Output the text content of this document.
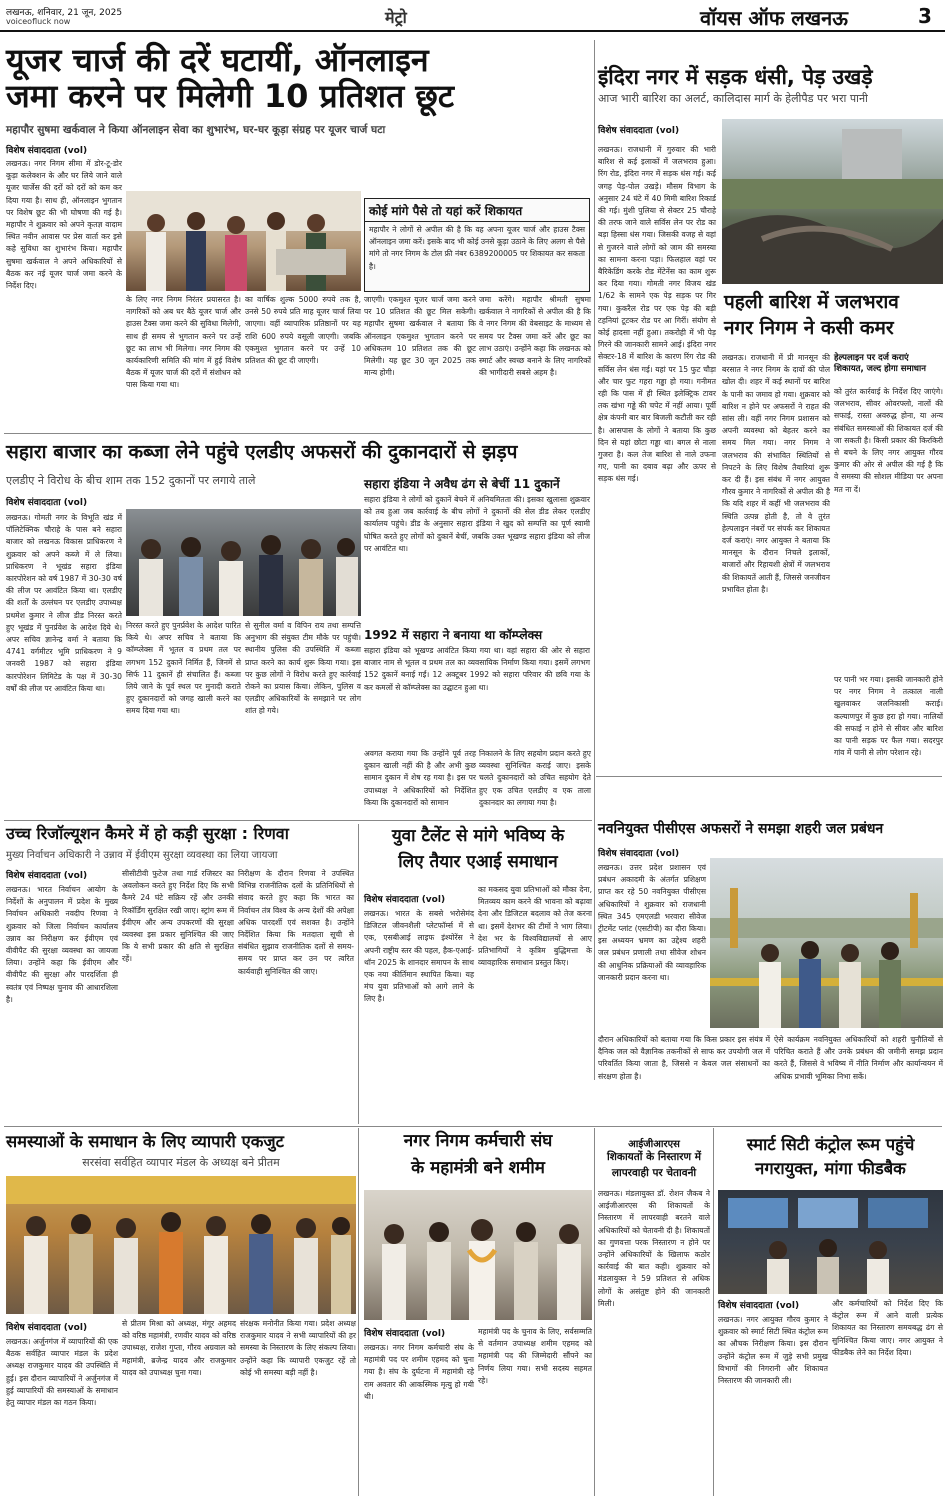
लखनऊ, शनिवार, 21 जून, 2025
voiceofluck now	मेट्रो	वॉयस ऑफ लखनऊ	3
यूजर चार्ज की दरें घटायीं, ऑनलाइन
जमा करने पर मिलेगी 10 प्रतिशत छूट
महापौर सुषमा खर्कवाल ने किया ऑनलाइन सेवा का शुभारंभ, घर-घर कूड़ा संग्रह पर यूजर चार्ज घटा
विशेष संवाददाता (vol)
लखनऊ। नगर निगम सीमा में डोर-टू-डोर कूड़ा कलेक्शन के और घर लिये जाने वाले यूजर चार्जेस की दरों को दरों को कम कर दिया गया है। साथ ही, ऑनलाइन भुगतान पर विशेष छूट की भी घोषणा की गई है। महापौर ने शुक्रवार को अपने कृतज्ञ वादाम स्थित नवीन आवास पर प्रेस वार्ता कर इसे कहे सुविधा का शुभारंभ किया। महापौर सुषमा खर्कवाल ने अपने अधिकारियों से बैठक कर नई यूजर चार्ज जमा करने के निर्देश दिए।
के लिए नगर निगम निरंतर प्रयासरत है। नागरिकों को अब घर बैठे यूजर चार्ज और हाउस टैक्स जमा करने की सुविधा मिलेगी, साथ ही समय से भुगतान करने पर उन्हें छूट का लाभ भी मिलेगा। नगर निगम की कार्यकारिणी समिति की मांग में हुई विशेष बैठक में यूजर चार्ज की दरों में संशोधन को पास किया गया था।
का वार्षिक शुल्क 5000 रुपये तक है, उनसे 50 रुपये प्रति माह यूजर चार्ज लिया जाएगा। वहीं व्यापारिक प्रतिष्ठानों पर यह राशि 600 रुपये वसूली जाएगी। जबकि एकमुश्त भुगतान करने पर उन्हें 10 प्रतिशत की छूट दी जाएगी।
कोई मांगे पैसे तो यहां करें शिकायत
महापौर ने लोगों से अपील की है कि वह अपना यूजर चार्ज और हाउस टैक्स ऑनलाइन जमा करें। इसके बाद भी कोई उनसे कूड़ा उठाने के लिए अलग से पैसे मांगे तो नगर निगम के टोल फ्री नंबर 6389200005 पर शिकायत कर सकता है।
जाएगी। एकमुश्त यूजर चार्ज जमा करने पर 10 प्रतिशत की छूट मिल सकेगी। महापौर सुषमा खर्कवाल ने बताया कि ऑनलाइन एकमुश्त भुगतान करने पर अधिकतम 10 प्रतिशत तक की छूट मिलेगी। यह छूट 30 जून 2025 तक मान्य होगी।
जमा करेंगे। महापौर श्रीमती सुषमा खर्कवाल ने नागरिकों से अपील की है कि वे नगर निगम की वेबसाइट के माध्यम से समय पर टैक्स जमा करें और छूट का लाभ उठाएं। उन्होंने कहा कि लखनऊ को स्मार्ट और स्वच्छ बनाने के लिए नागरिकों की भागीदारी सबसे अहम है।
इंदिरा नगर में सड़क धंसी, पेड़ उखड़े
आज भारी बारिश का अलर्ट, कालिदास मार्ग के हेलीपैड पर भरा पानी
विशेष संवाददाता (vol)
लखनऊ। राजधानी में गुरुवार की भारी बारिश से कई इलाकों में जलभराव हुआ। रिंग रोड, इंदिरा नगर में सड़क धंस गई। कई जगह पेड़-पोल उखड़े। मौसम विभाग के अनुसार 24 घंटे में 40 मिमी बारिश रिकार्ड की गई। मुंशी पुलिया से सेक्टर 25 चौराहे की तरफ जाने वाले सर्विस लेन पर रोड का बड़ा हिस्सा धंस गया। जिसकी वजह से वहां से गुजरने वाले लोगों को जाम की समस्या का सामना करना पड़ा। फिलहाल वहां पर बैरिकेडिंग करके रोड मेंटेनेंस का काम शुरू कर दिया गया। गोमती नगर विजय खंड 1/62 के सामने एक पेड़ सड़क पर गिर गया। कुकरैल रोड पर एक पेड़ की बड़ी टहनियां टूटकर रोड पर आ गिरीं। संयोग से कोई हादसा नहीं हुआ। तकरोही में भी पेड़ गिरने की जानकारी सामने आई। इंदिरा नगर सेक्टर-18 में बारिश के कारण रिंग रोड की सर्विस लेन धंस गई। यहां पर 15 फुट चौड़ा और चार फुट गहरा गड्ढा हो गया। गनीमत रही कि पास में ही स्थित इलेक्ट्रिक टावर तक खंभा गड्ढे की चपेट में नहीं आया। पूर्वी क्षेत्र कंपनी बार बार बिजली कटौती कर रही है। आसपास के लोगों ने बताया कि कुछ दिन से यहां छोटा गड्ढा था। बगल से नाला गुजरा है। कल तेज बारिश से नाले उफना गए, पानी का दबाव बढ़ा और ऊपर से सड़क धंस गई।
पहली बारिश में जलभराव
नगर निगम ने कसी कमर
लखनऊ। राजधानी में प्री मानसून की बरसात ने नगर निगम के दावों की पोल खोल दी। शहर में कई स्थानों पर बारिश के पानी का जमाव हो गया। शुक्रवार को बारिश न होने पर अफसरों ने राहत की सांस ली। वहीं नगर निगम प्रशासन को अपनी व्यवस्था को बेहतर करने का समय मिल गया। नगर निगम ने जलभराव की संभावित स्थितियों से निपटने के लिए विशेष तैयारियां शुरू कर दी हैं। इस संबंध में नगर आयुक्त गौरव कुमार ने नागरिकों से अपील की है कि यदि शहर में कहीं भी जलभराव की स्थिति उत्पन्न होती है, तो वे तुरंत हेल्पलाइन नंबरों पर संपर्क कर शिकायत दर्ज कराएं। नगर आयुक्त ने बताया कि मानसून के दौरान निचले इलाकों, बाजारों और रिहायशी क्षेत्रों में जलभराव की शिकायतें आती हैं, जिससे जनजीवन प्रभावित होता है।
हेल्पलाइन पर दर्ज कराएं
शिकायत, जल्द होगा समाधान
को तुरंत कार्रवाई के निर्देश दिए जाएंगे। जलभराव, सीवर ओवरफ्लो, नालों की सफाई, रास्ता अवरुद्ध होना, या अन्य संबंधित समस्याओं की शिकायत दर्ज की जा सकती है। किसी प्रकार की किरकिरी से बचने के लिए नगर आयुक्त गौरव कुमार की ओर से अपील की गई है कि वे समस्या की सोशल मीडिया पर अपना मत ना दें।
पर पानी भर गया। इसकी जानकारी होने पर नगर निगम ने तत्काल नाली खुलवाकर जलनिकासी कराई। कल्याणपुर में कुछ हरा हो गया। नालियों की सफाई न होने से सीवर और बारिश का पानी सड़क पर फैल गया। सदरपुर गांव में पानी से लोग परेशान रहे।
सहारा बाजार का कब्जा लेने पहुंचे एलडीए अफसरों की दुकानदारों से झड़प
एलडीए ने विरोध के बीच शाम तक 152 दुकानों पर लगाये ताले
विशेष संवाददाता (vol)
लखनऊ। गोमती नगर के विभूति खंड में पॉलिटेक्निक चौराहे के पास बने सहारा बाजार को लखनऊ विकास प्राधिकरण ने शुक्रवार को अपने कब्जे में ले लिया। प्राधिकरण ने भूखंड सहारा इंडिया कारपोरेशन को वर्ष 1987 में 30-30 वर्ष की लीज पर आवंटित किया था। एलडीए की शर्तों के उल्लंघन पर एलडीए उपाध्यक्ष प्रथमेश कुमार ने लीज डीड निरस्त करते हुए भूखंड में पुनर्प्रवेश के आदेश दिये थे। अपर सचिव ज्ञानेन्द्र वर्मा ने बताया कि 4741 वर्गमीटर भूमि प्राधिकरण ने 9 जनवरी 1987 को सहारा इंडिया कारपोरेशन लिमिटेड के पक्ष में 30-30 वर्षों की लीज पर आवंटित किया था।
निरस्त करते हुए पुनर्प्रवेश के आदेश पारित किये थे। अपर सचिव ने बताया कि कॉम्प्लेक्स में भूतल व प्रथम तल पर लगभग 152 दुकानें निर्मित हैं, जिनमें से सिर्फ 11 दुकानें ही संचालित हैं। कब्जा लिये जाने के पूर्व स्थल पर मुनादी कराते हुए दुकानदारों को जगह खाली करने का समय दिया गया था।
से सुनील वर्मा व विपिन राय तथा सम्पत्ति अनुभाग की संयुक्त टीम मौके पर पहुंची। स्थानीय पुलिस की उपस्थिति में कब्जा प्राप्त करने का कार्य शुरू किया गया। इस पर कुछ लोगों ने विरोध करते हुए कार्रवाई रोकने का प्रयास किया। लेकिन, पुलिस व एलडीए अधिकारियों के समझाने पर लोग शांत हो गये।
सहारा इंडिया ने अवैध ढंग से बेचीं 11 दुकानें
सहारा इंडिया ने लोगों को दुकानें बेचने में अनियमितता की। इसका खुलासा शुक्रवार को तब हुआ जब कार्रवाई के बीच लोगों ने दुकानों की सेल डीड लेकर एलडीए कार्यालय पहुंचे। डीड के अनुसार सहारा इंडिया ने खुद को सम्पत्ति का पूर्ण स्वामी घोषित करते हुए लोगों को दुकानें बेचीं, जबकि उक्त भूखण्ड सहारा इंडिया को लीज पर आवंटित था।
1992 में सहारा ने बनाया था कॉम्प्लेक्स
सहारा इंडिया को भूखण्ड आवंटित किया गया था। वहां सहारा की ओर से सहारा बाजार नाम से भूतल व प्रथम तल का व्यवसायिक निर्माण किया गया। इसमें लगभग 152 दुकानें बनाई गईं। 12 अक्टूबर 1992 को सहारा परिवार की छवि गया के कर कमलों से कॉम्प्लेक्स का उद्घाटन हुआ था।
अवगत कराया गया कि उन्होंने पूर्व तरह दुकान खाली नहीं की है और अभी कुछ सामान दुकान में शेष रह गया है। इस पर उपाध्यक्ष ने अधिकारियों को निर्देशित किया कि दुकानदारों को सामान
निकालने के लिए सहयोग प्रदान करते हुए व्यवस्था सुनिश्चित कराई जाए। इसके चलते दुकानदारों को उचित सहयोग देते हुए एक उचित एलडीए व एक ताला दुकानदार का लगाया गया है।
उच्च रिजॉल्यूशन कैमरे में हो कड़ी सुरक्षा : रिणवा
मुख्य निर्वाचन अधिकारी ने उन्नाव में ईवीएम सुरक्षा व्यवस्था का लिया जायजा
विशेष संवाददाता (vol)
लखनऊ। भारत निर्वाचन आयोग के निर्देशों के अनुपालन में प्रदेश के मुख्य निर्वाचन अधिकारी नवदीप रिणवा ने शुक्रवार को जिला निर्वाचन कार्यालय उन्नाव का निरीक्षण कर ईवीएम एवं वीवीपैट की सुरक्षा व्यवस्था का जायजा लिया। उन्होंने कहा कि ईवीएम और वीवीपैट की सुरक्षा और पारदर्शिता ही स्वतंत्र एवं निष्पक्ष चुनाव की आधारशिला है।
सीसीटीवी फुटेज तथा गार्ड रजिस्टर का अवलोकन करते हुए निर्देश दिए कि सभी कैमरे 24 घंटे सक्रिय रहें और उनकी रिकॉर्डिंग सुरक्षित रखी जाए। स्ट्रांग रूम में ईवीएम और अन्य उपकरणों की सुरक्षा व्यवस्था इस प्रकार सुनिश्चित की जाए कि ये सभी प्रकार की क्षति से सुरक्षित रहें।
निरीक्षण के दौरान रिणवा ने उपस्थित विभिन्न राजनीतिक दलों के प्रतिनिधियों से संवाद करते हुए कहा कि भारत का निर्वाचन तंत्र विश्व के अन्य देशों की अपेक्षा अधिक पारदर्शी एवं सशक्त है। उन्होंने निर्देशित किया कि मतदाता सूची से संबंधित सुझाव राजनीतिक दलों से समय-समय पर प्राप्त कर उन पर त्वरित कार्यवाही सुनिश्चित की जाए।
युवा टैलेंट से मांगे भविष्य के
लिए तैयार एआई समाधान
विशेष संवाददाता (vol)
लखनऊ। भारत के सबसे भरोसेमंद डिजिटल जीवनशैली प्लेटफॉर्म्स में से एक, एसबीआई लाइफ इंश्योरेंस ने अपनी राष्ट्रीय स्तर की पहल, हैक-एआई-थॉन 2025 के शानदार समापन के साथ एक नया कीर्तिमान स्थापित किया। यह मंच युवा प्रतिभाओं को आगे लाने के लिए है।
का मकसद युवा प्रतिभाओं को मौका देना, मितव्यय काम करने की भावना को बढ़ावा देना और डिजिटल बदलाव को तेज करना था। इसमें देशभर की टीमों ने भाग लिया। देश भर के विश्वविद्यालयों से आए प्रतिभागियों ने कृत्रिम बुद्धिमत्ता के व्यावहारिक समाधान प्रस्तुत किए।
नवनियुक्त पीसीएस अफसरों ने समझा शहरी जल प्रबंधन
विशेष संवाददाता (vol)
लखनऊ। उत्तर प्रदेश प्रशासन एवं प्रबंधन अकादमी के अंतर्गत प्रशिक्षण प्राप्त कर रहे 50 नवनियुक्त पीसीएस अधिकारियों ने शुक्रवार को राजधानी स्थित 345 एमएलडी भरवारा सीवेज ट्रीटमेंट प्लांट (एसटीपी) का दौरा किया। इस अध्ययन भ्रमण का उद्देश्य शहरी जल प्रबंधन प्रणाली तथा सीवेज शोधन की आधुनिक प्रक्रियाओं की व्यावहारिक जानकारी प्रदान करना था।
दौरान अधिकारियों को बताया गया कि किस प्रकार इस संयंत्र में दैनिक जल को वैज्ञानिक तकनीकों से साफ कर उपयोगी जल में परिवर्तित किया जाता है, जिससे न केवल जल संसाधनों का संरक्षण होता है।
ऐसे कार्यक्रम नवनियुक्त अधिकारियों को शहरी चुनौतियों से परिचित कराते हैं और उनके प्रबंधन की जमीनी समझ प्रदान करते हैं, जिससे वे भविष्य में नीति निर्माण और कार्यान्वयन में अधिक प्रभावी भूमिका निभा सकें।
समस्याओं के समाधान के लिए व्यापारी एकजुट
सरसंवा सर्वहित व्यापार मंडल के अध्यक्ष बने प्रीतम
विशेष संवाददाता (vol)
लखनऊ। अर्जुनगंज में व्यापारियों की एक बैठक सर्वहित व्यापार मंडल के प्रदेश अध्यक्ष राजकुमार यादव की उपस्थिति में हुई। इस दौरान व्यापारियों ने अर्जुनगंज में हुई व्यापारियों की समस्याओं के समाधान हेतु व्यापार मंडल का गठन किया।
से प्रीतम मिश्रा को अध्यक्ष, मंगूर अहमद को वरिष्ठ महामंत्री, रणवीर यादव को वरिष्ठ उपाध्यक्ष, राजेश गुप्ता, गौरव अग्रवाल को महामंत्री, ब्रजेन्द्र यादव और राजकुमार यादव को उपाध्यक्ष चुना गया।
संरक्षक मनोनीत किया गया। प्रदेश अध्यक्ष राजकुमार यादव ने सभी व्यापारियों की हर समस्या के निस्तारण के लिए संकल्प लिया। उन्होंने कहा कि व्यापारी एकजुट रहें तो कोई भी समस्या बड़ी नहीं है।
नगर निगम कर्मचारी संघ
के महामंत्री बने शमीम
विशेष संवाददाता (vol)
लखनऊ। नगर निगम कर्मचारी संघ के महामंत्री पद पर शमीम एहमद को चुना गया है। संघ के दुर्घटना में महामंत्री रहे राम अवतार की आकस्मिक मृत्यु हो गयी थी।
महामंत्री पद के चुनाव के लिए, सर्वसम्मति से वर्तमान उपाध्यक्ष शमीम एहमद को महामंत्री पद की जिम्मेदारी सौंपने का निर्णय लिया गया। सभी सदस्य सहमत रहे।
आईजीआरएस
शिकायतों के निस्तारण में
लापरवाही पर चेतावनी
लखनऊ। मंडलायुक्त डॉ. रोशन जैकब ने आईजीआरएस की शिकायतों के निस्तारण में लापरवाही बरतने वाले अधिकारियों को चेतावनी दी है। शिकायतों का गुणवत्ता परक निस्तारण न होने पर उन्होंने अधिकारियों के खिलाफ कठोर कार्रवाई की बात कही। शुक्रवार को मंडलायुक्त ने 59 प्रतिशत से अधिक लोगों के असंतुष्ट होने की जानकारी मिली।
स्मार्ट सिटी कंट्रोल रूम पहुंचे
नगरायुक्त, मांगा फीडबैक
विशेष संवाददाता (vol)
लखनऊ। नगर आयुक्त गौरव कुमार ने शुक्रवार को स्मार्ट सिटी स्थित कंट्रोल रूम का औचक निरीक्षण किया। इस दौरान उन्होंने कंट्रोल रूम में जुड़े सभी प्रमुख विभागों की निगरानी और शिकायत निस्तारण की जानकारी ली।
और कर्मचारियों को निर्देश दिए कि कंट्रोल रूम में आने वाली प्रत्येक शिकायत का निस्तारण समयबद्ध ढंग से सुनिश्चित किया जाए। नगर आयुक्त ने फीडबैक लेने का निर्देश दिया।
